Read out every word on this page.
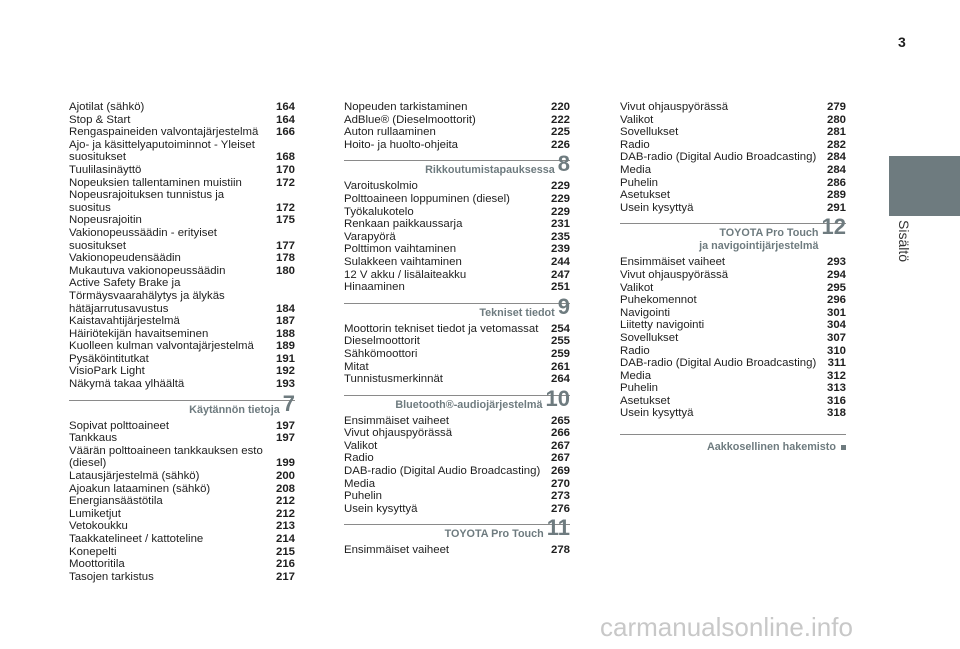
3
Sisältö
Ajotilat (sähkö)	164
Stop & Start	164
Rengaspaineiden valvontajärjestelmä	166
Ajo- ja käsittelyaputoiminnot - Yleiset suositukset	168
Tuulilasinäyttö	170
Nopeuksien tallentaminen muistiin	172
Nopeusrajoituksen tunnistus ja suositus	172
Nopeusrajoitin	175
Vakionopeussäädin - erityiset suositukset	177
Vakionopeudensäädin	178
Mukautuva vakionopeussäädin	180
Active Safety Brake ja Törmäysvaarahälytys ja älykäs hätäjarrutusavustus	184
Kaistavahtijärjestelmä	187
Häiriötekijän havaitseminen	188
Kuolleen kulman valvontajärjestelmä	189
Pysäköintitutkat	191
VisioPark Light	192
Näkymä takaa ylhäältä	193
Käytännön tietoja 7
Sopivat polttoaineet	197
Tankkaus	197
Väärän polttoaineen tankkauksen esto (diesel)	199
Latausjärjestelmä (sähkö)	200
Ajoakun lataaminen (sähkö)	208
Energiansäästötila	212
Lumiketjut	212
Vetokoukku	213
Taakkatelineet / kattoteline	214
Konepelti	215
Moottoritila	216
Tasojen tarkistus	217
Nopeuden tarkistaminen	220
AdBlue® (Dieselmoottorit)	222
Auton rullaaminen	225
Hoito- ja huolto-ohjeita	226
Rikkoutumistapauksessa 8
Varoituskolmio	229
Polttoaineen loppuminen (diesel)	229
Työkalukotelo	229
Renkaan paikkaussarja	231
Varapyörä	235
Polttimon vaihtaminen	239
Sulakkeen vaihtaminen	244
12 V akku / lisälaiteakku	247
Hinaaminen	251
Tekniset tiedot 9
Moottorin tekniset tiedot ja vetomassat	254
Dieselmoottorit	255
Sähkömoottori	259
Mitat	261
Tunnistusmerkinnät	264
Bluetooth®-audiojärjestelmä 10
Ensimmäiset vaiheet	265
Vivut ohjauspyörässä	266
Valikot	267
Radio	267
DAB-radio (Digital Audio Broadcasting) 269
Media	270
Puhelin	273
Usein kysyttyä	276
TOYOTA Pro Touch 11
Ensimmäiset vaiheet	278
Vivut ohjauspyörässä	279
Valikot	280
Sovellukset	281
Radio	282
DAB-radio (Digital Audio Broadcasting) 284
Media	284
Puhelin	286
Asetukset	289
Usein kysyttyä	291
TOYOTA Pro Touch
ja navigointijärjestelmä
12
Ensimmäiset vaiheet	293
Vivut ohjauspyörässä	294
Valikot	295
Puhekomennot	296
Navigointi	301
Liitetty navigointi	304
Sovellukset	307
Radio	310
DAB-radio (Digital Audio Broadcasting) 311
Media	312
Puhelin	313
Asetukset	316
Usein kysyttyä	318
Aakkosellinen hakemisto
carmanualsonline.info
